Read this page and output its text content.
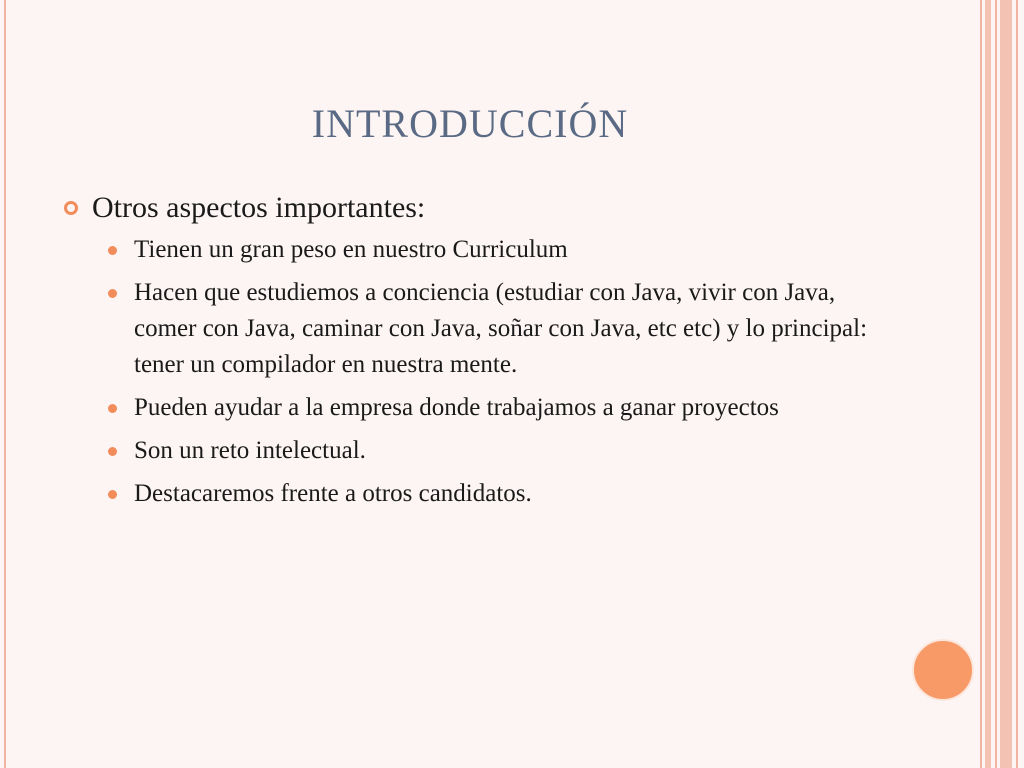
INTRODUCCIÓN
Otros aspectos importantes:
Tienen un gran peso en nuestro Curriculum
Hacen que estudiemos a conciencia (estudiar con Java, vivir con Java, comer con Java, caminar con Java, soñar con Java, etc etc) y lo principal: tener un compilador en nuestra mente.
Pueden ayudar a la empresa donde trabajamos a ganar proyectos
Son un reto intelectual.
Destacaremos frente a otros candidatos.
